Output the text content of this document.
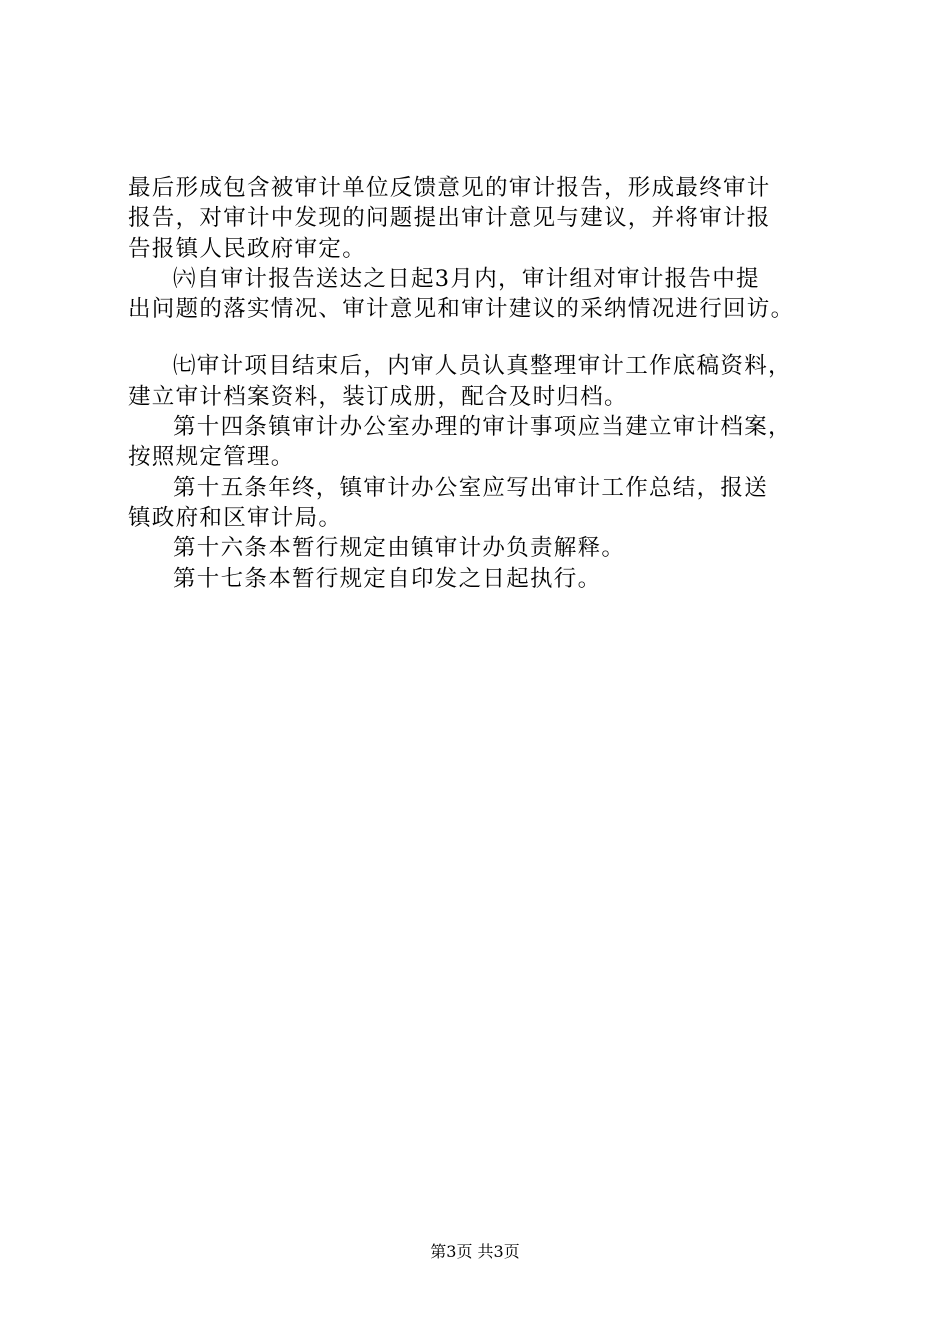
最后形成包含被审计单位反馈意见的审计报告，形成最终审计
报告，对审计中发现的问题提出审计意见与建议，并将审计报
告报镇人民政府审定。
㈥自审计报告送达之日起3月内，审计组对审计报告中提
出问题的落实情况、审计意见和审计建议的采纳情况进行回访。
㈦审计项目结束后，内审人员认真整理审计工作底稿资料，
建立审计档案资料，装订成册，配合及时归档。
第十四条镇审计办公室办理的审计事项应当建立审计档案，
按照规定管理。
第十五条年终，镇审计办公室应写出审计工作总结，报送
镇政府和区审计局。
第十六条本暂行规定由镇审计办负责解释。
第十七条本暂行规定自印发之日起执行。
第3页 共3页
